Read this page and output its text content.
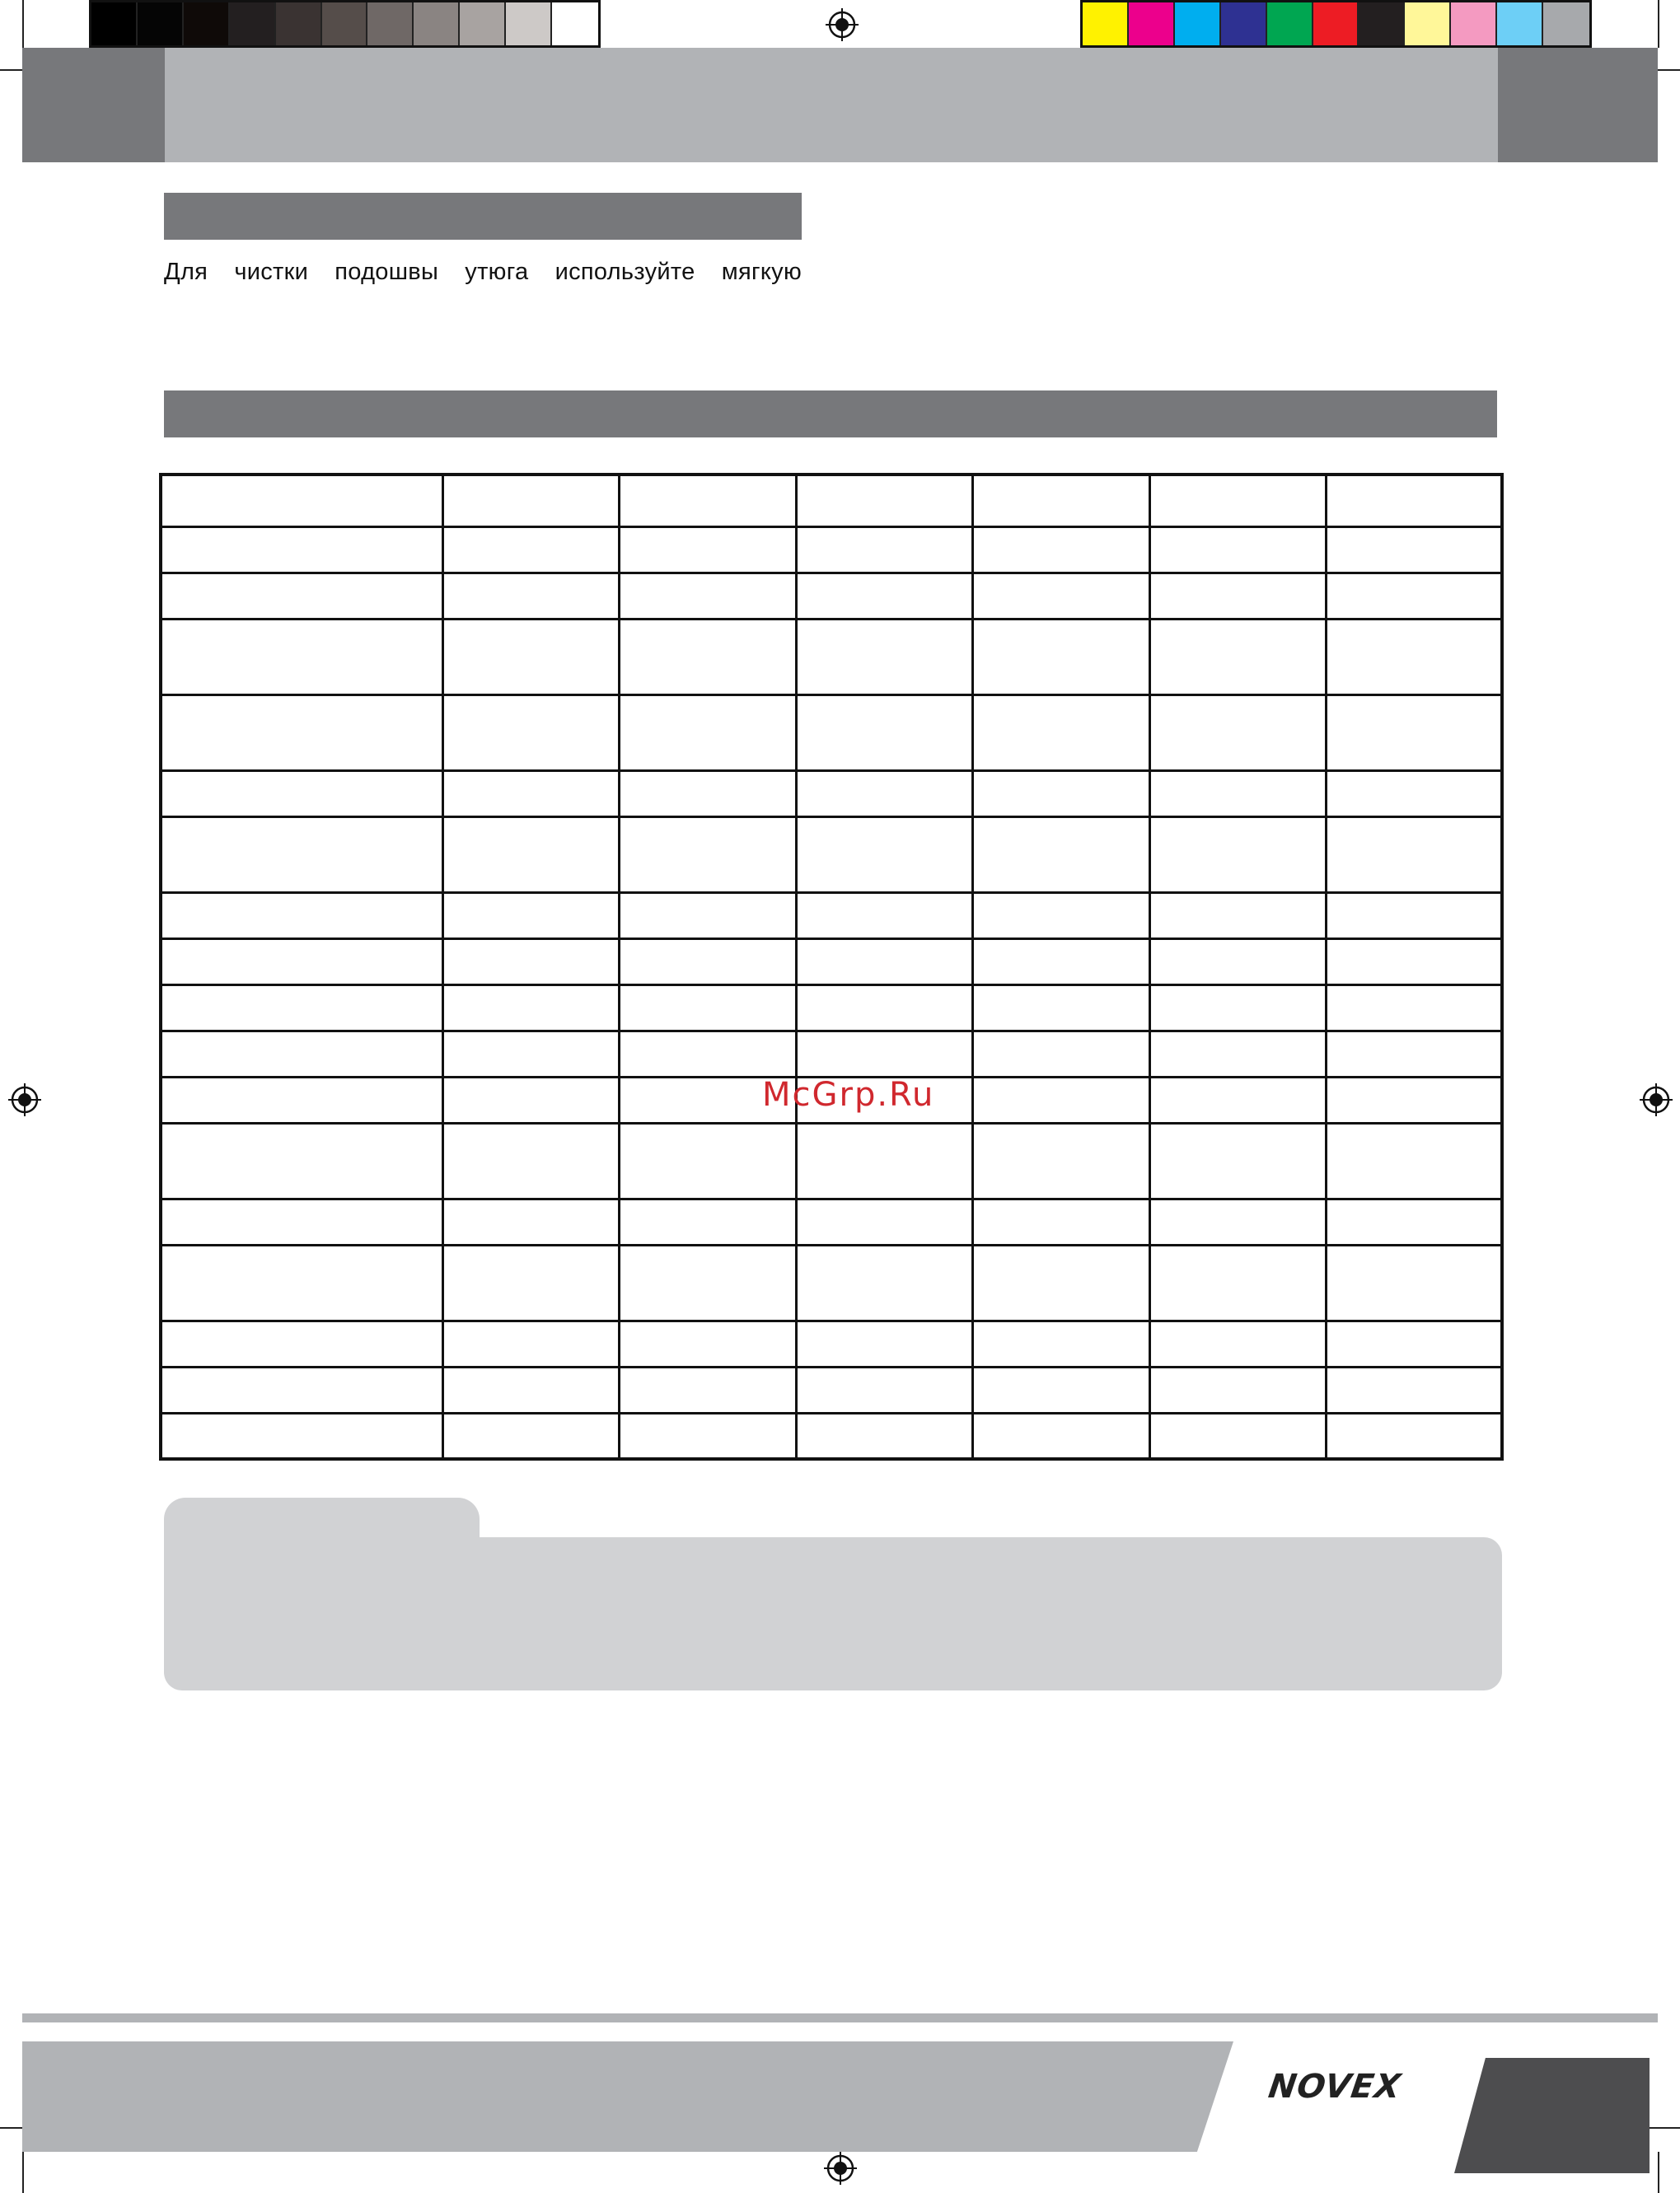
Для чистки подошвы утюга используйте мягкую

McGrp.Ru
NOVEX
